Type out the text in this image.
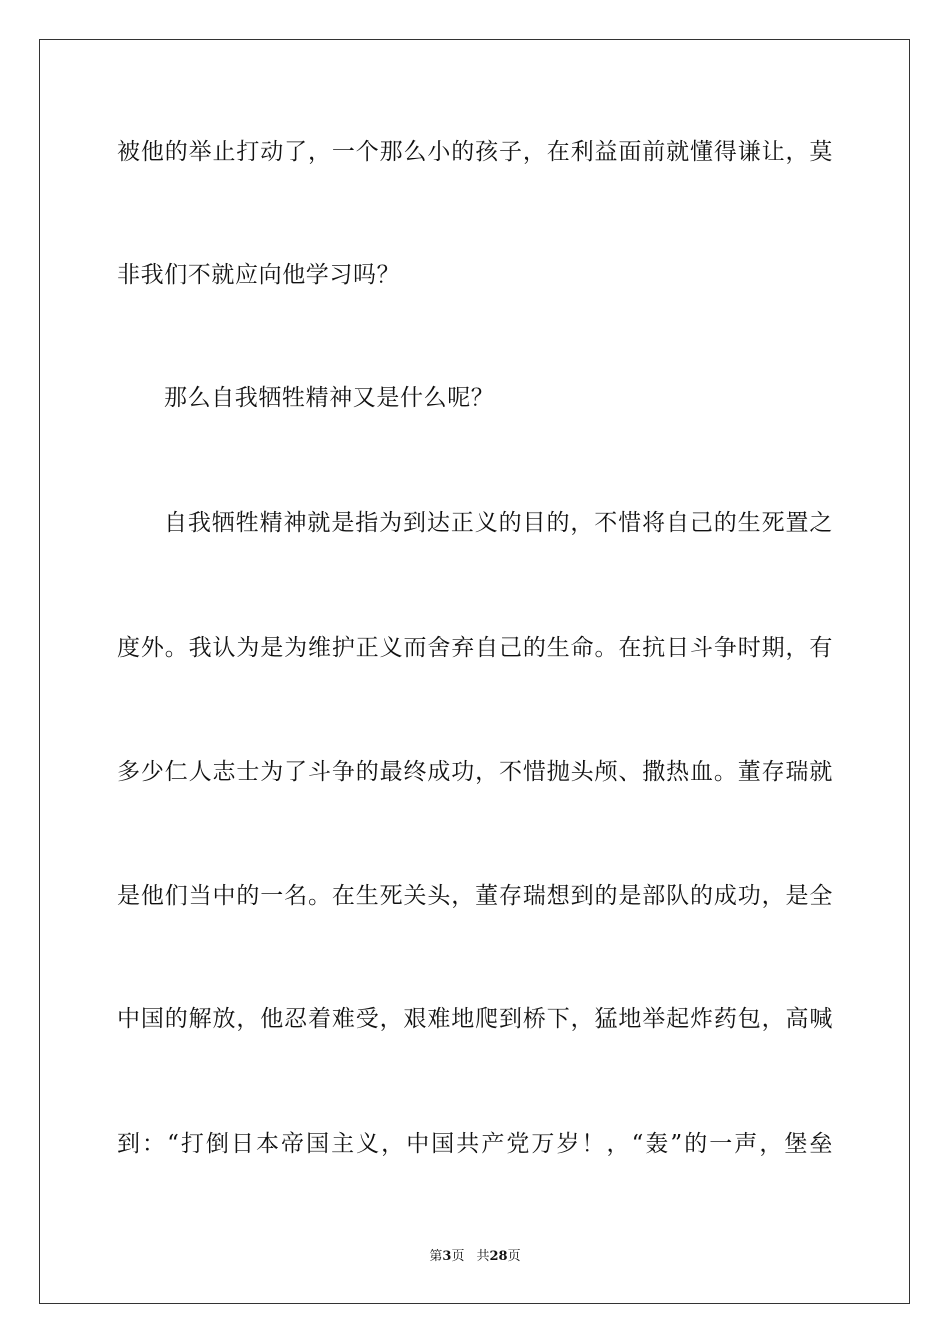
被他的举止打动了，一个那么小的孩子，在利益面前就懂得谦让，莫
非我们不就应向他学习吗？
那么自我牺牲精神又是什么呢？
自我牺牲精神就是指为到达正义的目的，不惜将自己的生死置之
度外。我认为是为维护正义而舍弃自己的生命。在抗日斗争时期，有
多少仁人志士为了斗争的最终成功，不惜抛头颅、撒热血。董存瑞就
是他们当中的一名。在生死关头，董存瑞想到的是部队的成功，是全
中国的解放，他忍着难受，艰难地爬到桥下，猛地举起炸药包，高喊
到：“打倒日本帝国主义，中国共产党万岁！，“轰”的一声，堡垒
第3页 共28页
